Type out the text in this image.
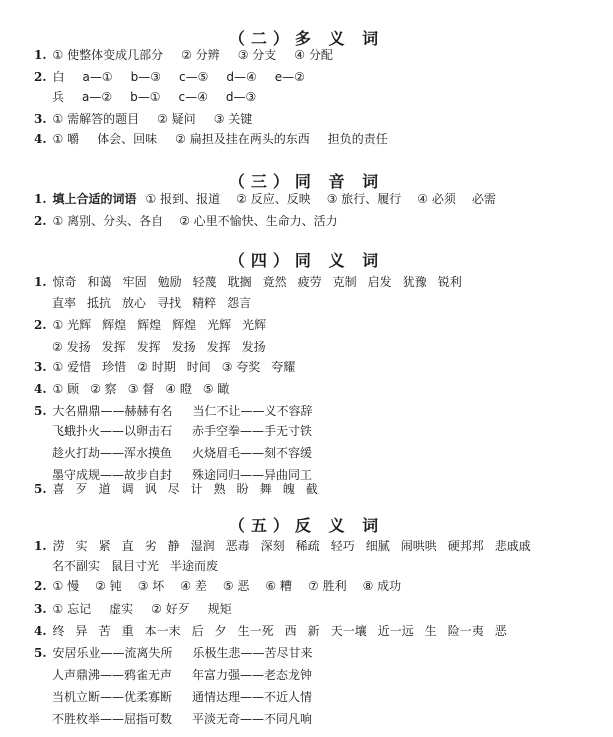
（二）多 义 词
1. ① 使整体变成几部分 ② 分辨 ③ 分支 ④ 分配
2. 白 a—① b—③ c—⑤ d—④ e—②
兵 a—② b—① c—④ d—③
3. ① 需解答的题目 ② 疑问 ③ 关键
4. ① 嚼 体会、回味 ② 扁担及挂在两头的东西 担负的责任
（三）同 音 词
1. 填上合适的词语 ① 报到、报道 ② 反应、反映 ③ 旅行、履行 ④ 必须 必需
2. ① 离别、分头、各自 ② 心里不愉快、生命力、活力
（四）同 义 词
1. 惊奇 和蔼 牢固 勉励 轻蔑 耽搁 竟然 疲劳 克制 启发 犹豫 锐利
直率 抵抗 放心 寻找 精粹 怨言
2. ① 光辉 辉煌 辉煌 辉煌 光辉 光辉
② 发扬 发挥 发挥 发扬 发挥 发扬
3. ① 爱惜 珍惜 ② 时期 时间 ③ 夸奖 夸耀
4. ① 顾 ② 察 ③ 督 ④ 瞪 ⑤ 瞰
5. 大名鼎鼎——赫赫有名 当仁不让——义不容辞
飞蛾扑火——以卵击石 赤手空拳——手无寸铁
趁火打劫——浑水摸鱼 火烧眉毛——刻不容缓
墨守成规——故步自封 殊途同归——异曲同工
5. 喜 歹 道 调 讽 尽 计 熟 盼 舞 魄 截
（五）反 义 词
1. 涝 实 紧 直 劣 静 湿润 恶毒 深刻 稀疏 轻巧 细腻 闹哄哄 硬邦邦 悲戚戚
名不副实 鼠目寸光 半途而废
2. ① 慢 ② 钝 ③ 坏 ④ 差 ⑤ 恶 ⑥ 糟 ⑦ 胜利 ⑧ 成功
3. ① 忘记 虚实 ② 好歹 规矩
4. 终 异 苦 重 本一末 后 夕 生一死 西 新 天一壤 近一远 生 险一夷 恶
5. 安居乐业——流离失所 乐极生悲——苦尽甘来
人声鼎沸——鸦雀无声 年富力强——老态龙钟
当机立断——优柔寡断 通情达理——不近人情
不胜枚举——屈指可数 平淡无奇——不同凡响
